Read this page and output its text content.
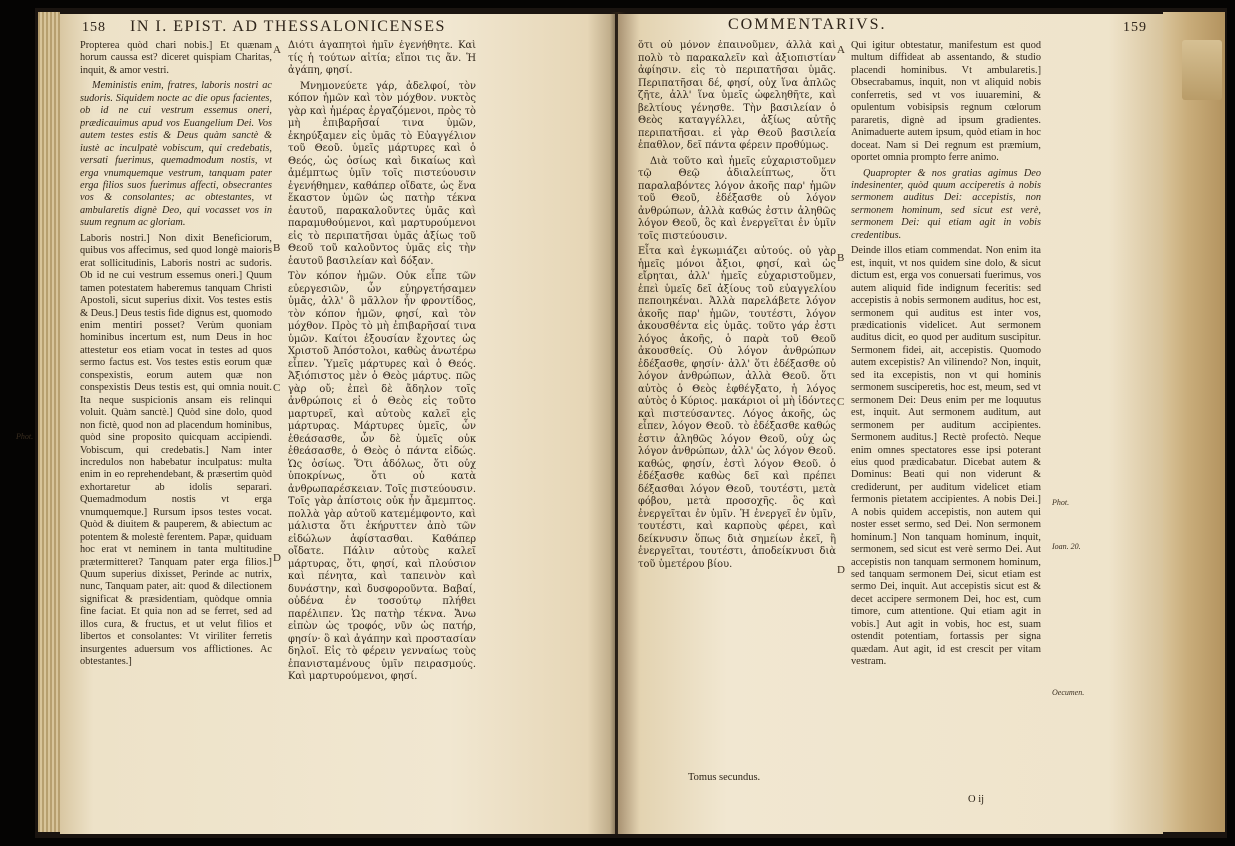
158 IN I. EPIST. AD THESSALONICENSES

Propterea quòd chari nobis.] Et quænam horum caussa est? diceret quispiam Charitas, inquit, & amor vestri.

Meministis enim, fratres, laboris nostri ac sudoris. Siquidem nocte ac die opus facientes, ob id ne cui vestrum essemus oneri, prædicauimus apud vos Euangelium Dei. Vos autem testes estis & Deus quàm sanctè & iustè ac inculpatè vobiscum, qui credebatis, versati fuerimus, quemadmodum nostis, vt erga vnumquemque vestrum, tanquam pater erga filios suos fuerimus affecti, obsecrantes vos & consolantes; ac obtestantes, vt ambularetis dignè Deo, qui vocasset vos in suum regnum ac gloriam.

Laboris nostri.] Non dixit Beneficiorum, quibus vos affecimus, sed quod longè maioris erat sollicitudinis, Laboris nostri ac sudoris. Ob id ne cui vestrum essemus oneri.] Quum tamen potestatem haberemus tanquam Christi Apostoli, sicut superius dixit. Vos testes estis & Deus.] Deus testis fide dignus est, quomodo enim mentiri posset? Verùm quoniam hominibus incertum est, num Deus in hoc attestetur eos etiam vocat in testes ad quos sermo factus est. Vos testes estis eorum quæ conspexistis, eorum autem quæ non conspexistis Deus testis est, qui omnia nouit. Ita neque suspicionis ansam eis relinqui voluit. Quàm sanctè.] Quòd sine dolo, quod non fictè, quod non ad placendum hominibus, quòd sine proposito quicquam accipiendi. Vobiscum, qui credebatis.] Nam inter incredulos non habebatur inculpatus: multa enim in eo reprehendebant, & præsertim quòd exhortaretur ab idolis separari. Quemadmodum nostis vt erga vnumquemque.] Rursum ipsos testes vocat. Quòd & diuitem & pauperem, & abiectum ac potentem & molestè ferentem. Papæ, quiduam hoc erat vt neminem in tanta multitudine prætermitteret? Tanquam pater erga filios.] Quum superius dixisset, Perinde ac nutrix, nunc, Tanquam pater, ait: quod & dilectionem significat & præsidentiam, quòdque omnia fine faciat. Et quia non ad se ferret, sed ad illos cura, & fructus, et ut velut filios et libertos et consolantes: Vt viriliter ferretis insurgentes aduersum vos afflictiones. Ac obtestantes.]

A
B
C
D

Διότι ἀγαπητοὶ ἡμῖν ἐγενήθητε. Καὶ τίς ἡ τούτων αἰτία; εἴποι τις ἄν. Ἡ ἀγάπη, φησί.

Μνημονεύετε γάρ, ἀδελφοί, τὸν κόπον ἡμῶν καὶ τὸν μόχθον. νυκτὸς γὰρ καὶ ἡμέρας ἐργαζόμενοι, πρὸς τὸ μὴ ἐπιβαρῆσαί τινα ὑμῶν, ἐκηρύξαμεν εἰς ὑμᾶς τὸ Εὐαγγέλιον τοῦ Θεοῦ. ὑμεῖς μάρτυρες καὶ ὁ Θεός, ὡς ὁσίως καὶ δικαίως καὶ ἀμέμπτως ὑμῖν τοῖς πιστεύουσιν ἐγενήθημεν, καθάπερ οἴδατε, ὡς ἕνα ἕκαστον ὑμῶν ὡς πατὴρ τέκνα ἑαυτοῦ, παρακαλοῦντες ὑμᾶς καὶ παραμυθούμενοι, καὶ μαρτυρούμενοι εἰς τὸ περιπατῆσαι ὑμᾶς ἀξίως τοῦ Θεοῦ τοῦ καλοῦντος ὑμᾶς εἰς τὴν ἑαυτοῦ βασιλείαν καὶ δόξαν.

Τὸν κόπον ἡμῶν. Οὐκ εἶπε τῶν εὐεργεσιῶν, ὧν εὐηργετήσαμεν ὑμᾶς, ἀλλ' ὃ μᾶλλον ἦν φροντίδος, τὸν κόπον ἡμῶν, φησί, καὶ τὸν μόχθον. Πρὸς τὸ μὴ ἐπιβαρῆσαί τινα ὑμῶν. Καίτοι ἐξουσίαν ἔχοντες ὡς Χριστοῦ Ἀπόστολοι, καθὼς ἀνωτέρω εἶπεν. Ὑμεῖς μάρτυρες καὶ ὁ Θεός. Ἀξιόπιστος μὲν ὁ Θεὸς μάρτυς. πῶς γὰρ οὔ; ἐπεὶ δὲ ἄδηλον τοῖς ἀνθρώποις εἰ ὁ Θεὸς εἰς τοῦτο μαρτυρεῖ, καὶ αὐτοὺς καλεῖ εἰς μάρτυρας. Μάρτυρες ὑμεῖς, ὧν ἐθεάσασθε, ὧν δὲ ὑμεῖς οὐκ ἐθεάσασθε, ὁ Θεὸς ὁ πάντα εἰδώς. Ὡς ὁσίως. Ὅτι ἀδόλως, ὅτι οὐχ ὑποκρίνως, ὅτι οὐ κατὰ ἀνθρωπαρέσκειαν. Τοῖς πιστεύουσιν. Τοῖς γὰρ ἀπίστοις οὐκ ἦν ἄμεμπτος. πολλὰ γὰρ αὐτοῦ κατεμέμφοντο, καὶ μάλιστα ὅτι ἐκήρυττεν ἀπὸ τῶν εἰδώλων ἀφίστασθαι. Καθάπερ οἴδατε. Πάλιν αὐτοὺς καλεῖ μάρτυρας, ὅτι, φησί, καὶ πλούσιον καὶ πένητα, καὶ ταπεινὸν καὶ δυνάστην, καὶ δυσφοροῦντα. Βαβαί, οὐδένα ἐν τοσούτῳ πλήθει παρέλιπεν. Ὡς πατὴρ τέκνα. Ἄνω εἰπὼν ὡς τροφός, νῦν ὡς πατήρ, φησίν· ὃ καὶ ἀγάπην καὶ προστασίαν δηλοῖ. Εἰς τὸ φέρειν γενναίως τοὺς ἐπανισταμένους ὑμῖν πειρασμούς. Καὶ μαρτυρούμενοι, φησί.

Phot.
COMMENTARIVS.	159

ὅτι οὐ μόνον ἐπαινοῦμεν, ἀλλὰ καὶ πολὺ τὸ παρακαλεῖν καὶ ἀξιοπιστίαν ἀφίησιν. εἰς τὸ περιπατῆσαι ὑμᾶς. Περιπατῆσαι δέ, φησί, οὐχ ἵνα ἁπλῶς ζῆτε, ἀλλ' ἵνα ὑμεῖς ὠφεληθῆτε, καὶ βελτίους γένησθε. Τὴν βασιλείαν ὁ Θεὸς καταγγέλλει, ἀξίως αὐτῆς περιπατῆσαι. εἰ γὰρ Θεοῦ βασιλεία ἐπαθλον, δεῖ πάντα φέρειν προθύμως.

Διὰ τοῦτο καὶ ἡμεῖς εὐχαριστοῦμεν τῷ Θεῷ ἀδιαλείπτως, ὅτι παραλαβόντες λόγον ἀκοῆς παρ' ἡμῶν τοῦ Θεοῦ, ἐδέξασθε οὐ λόγον ἀνθρώπων, ἀλλὰ καθώς ἐστιν ἀληθῶς λόγον Θεοῦ, ὃς καὶ ἐνεργεῖται ἐν ὑμῖν τοῖς πιστεύουσιν.

Εἶτα καὶ ἐγκωμιάζει αὐτούς. οὐ γὰρ ἡμεῖς μόνοι ἄξιοι, φησί, καὶ ὡς εἴρηται, ἀλλ' ἡμεῖς εὐχαριστοῦμεν, ἐπεὶ ὑμεῖς δεῖ ἀξίους τοῦ εὐαγγελίου πεποιηκέναι. Ἀλλὰ παρελάβετε λόγον ἀκοῆς παρ' ἡμῶν, τουτέστι, λόγον ἀκουσθέντα εἰς ὑμᾶς. τοῦτο γάρ ἐστι λόγος ἀκοῆς, ὁ παρὰ τοῦ Θεοῦ ἀκουσθείς. Οὐ λόγον ἀνθρώπων ἐδέξασθε, φησίν· ἀλλ' ὅτι ἐδέξασθε οὐ λόγον ἀνθρώπων, ἀλλὰ Θεοῦ. ὅτι αὐτὸς ὁ Θεὸς ἐφθέγξατο, ἡ λόγος αὐτὸς ὁ Κύριος. μακάριοι οἱ μὴ ἰδόντες καὶ πιστεύσαντες. Λόγος ἀκοῆς, ὡς εἶπεν, λόγον Θεοῦ. τὸ ἐδέξασθε καθώς ἐστιν ἀληθῶς λόγον Θεοῦ, οὐχ ὡς λόγον ἀνθρώπων, ἀλλ' ὡς λόγον Θεοῦ. καθώς, φησίν, ἐστὶ λόγον Θεοῦ. ὁ ἐδέξασθε καθὼς δεῖ καὶ πρέπει δέξασθαι λόγον Θεοῦ, τουτέστι, μετὰ φόβου, μετὰ προσοχῆς. ὃς καὶ ἐνεργεῖται ἐν ὑμῖν. Ἡ ἐνεργεῖ ἐν ὑμῖν, τουτέστι, καὶ καρποὺς φέρει, καὶ δείκνυσιν ὅπως διὰ σημείων ἐκεῖ, ἢ ἐνεργεῖται, τουτέστι, ἀποδείκνυσι διὰ τοῦ ὑμετέρου βίου.

A
B
C
D

Qui igitur obtestatur, manifestum est quod multum diffideat ab assentando, & studio placendi hominibus. Vt ambularetis.] Obsecrabamus, inquit, non vt aliquid nobis conferretis, sed vt vos iuuaremini, & opulentum vobisipsis regnum cœlorum pararetis, dignè ad ipsum gradientes. Animaduerte autem ipsum, quòd etiam in hoc doceat. Nam si Dei regnum est præmium, oportet omnia prompto ferre animo.

Quapropter & nos gratias agimus Deo indesinenter, quòd quum acciperetis à nobis sermonem auditus Dei: accepistis, non sermonem hominum, sed sicut est verè, sermonem Dei: qui etiam agit in vobis credentibus.

Deinde illos etiam commendat. Non enim ita est, inquit, vt nos quidem sine dolo, & sicut dictum est, erga vos conuersati fuerimus, vos autem aliquid fide indignum feceritis: sed accepistis à nobis sermonem auditus, hoc est, sermonem qui auditus est inter vos, prædicationis videlicet. Aut sermonem auditus dicit, eo quod per auditum suscipitur. Sermonem fidei, ait, accepistis. Quomodo autem excepistis? An viliпendo? Non, inquit, sed ita excepistis, non vt qui hominis sermonem susciperetis, hoc est, meum, sed vt sermonem Dei: Deus enim per me loquutus est, inquit. Aut sermonem auditum, aut sermonem per auditum accipientes. Sermonem auditus.] Rectè profectò. Neque enim omnes spectatores esse ipsi poterant eius quod prædicabatur. Dicebat autem & Dominus: Beati qui non viderunt & crediderunt, per auditum videlicet etiam fermonis pietatem accipientes. A nobis Dei.] A nobis quidem accepistis, non autem qui noster esset sermo, sed Dei. Non sermonem hominum.] Non tanquam hominum, inquit, sermonem, sed sicut est verè sermo Dei. Aut accepistis non tanquam sermonem hominum, sed tanquam sermonem Dei, sicut etiam est sermo Dei, inquit. Aut accepistis sicut est & decet accipere sermonem Dei, hoc est, cum timore, cum attentione. Qui etiam agit in vobis.] Aut agit in vobis, hoc est, suam ostendit potentiam, fortassis per signa quædam. Aut agit, id est crescit per vitam vestram.

Tomus secundus.
O ij
Phot.
Ioan. 20.
Oecumen.
